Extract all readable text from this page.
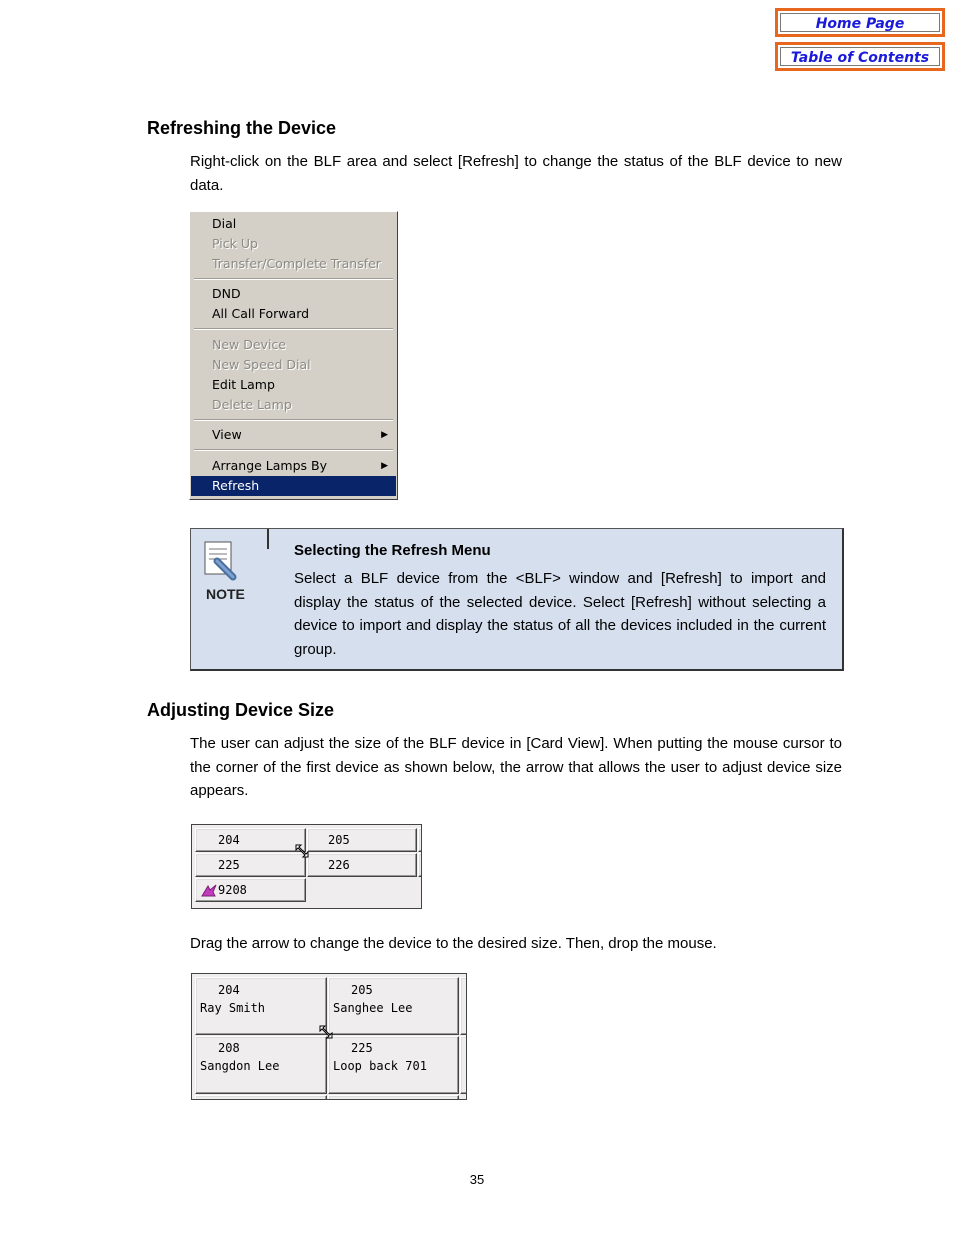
Home Page
Table of Contents
Refreshing the Device

Right-click on the BLF area and select [Refresh] to change the status of the BLF device to new data.

Dial
Pick Up
Transfer/Complete Transfer
DND
All Call Forward
New Device
New Speed Dial
Edit Lamp
Delete Lamp
View	▶
Arrange Lamps By	▶
Refresh
NOTE
Selecting the Refresh Menu

Select a BLF device from the <BLF> window and [Refresh] to import and display the status of the selected device. Select [Refresh] without selecting a device to import and display the status of all the devices included in the current group.

Adjusting Device Size

The user can adjust the size of the BLF device in [Card View]. When putting the mouse cursor to the corner of the first device as shown below, the arrow that allows the user to adjust device size appears.

204	205
225	226
9208

Drag the arrow to change the device to the desired size. Then, drop the mouse.

204
Ray Smith
205
Sanghee Lee
208
Sangdon Lee
225
Loop back 701
35
